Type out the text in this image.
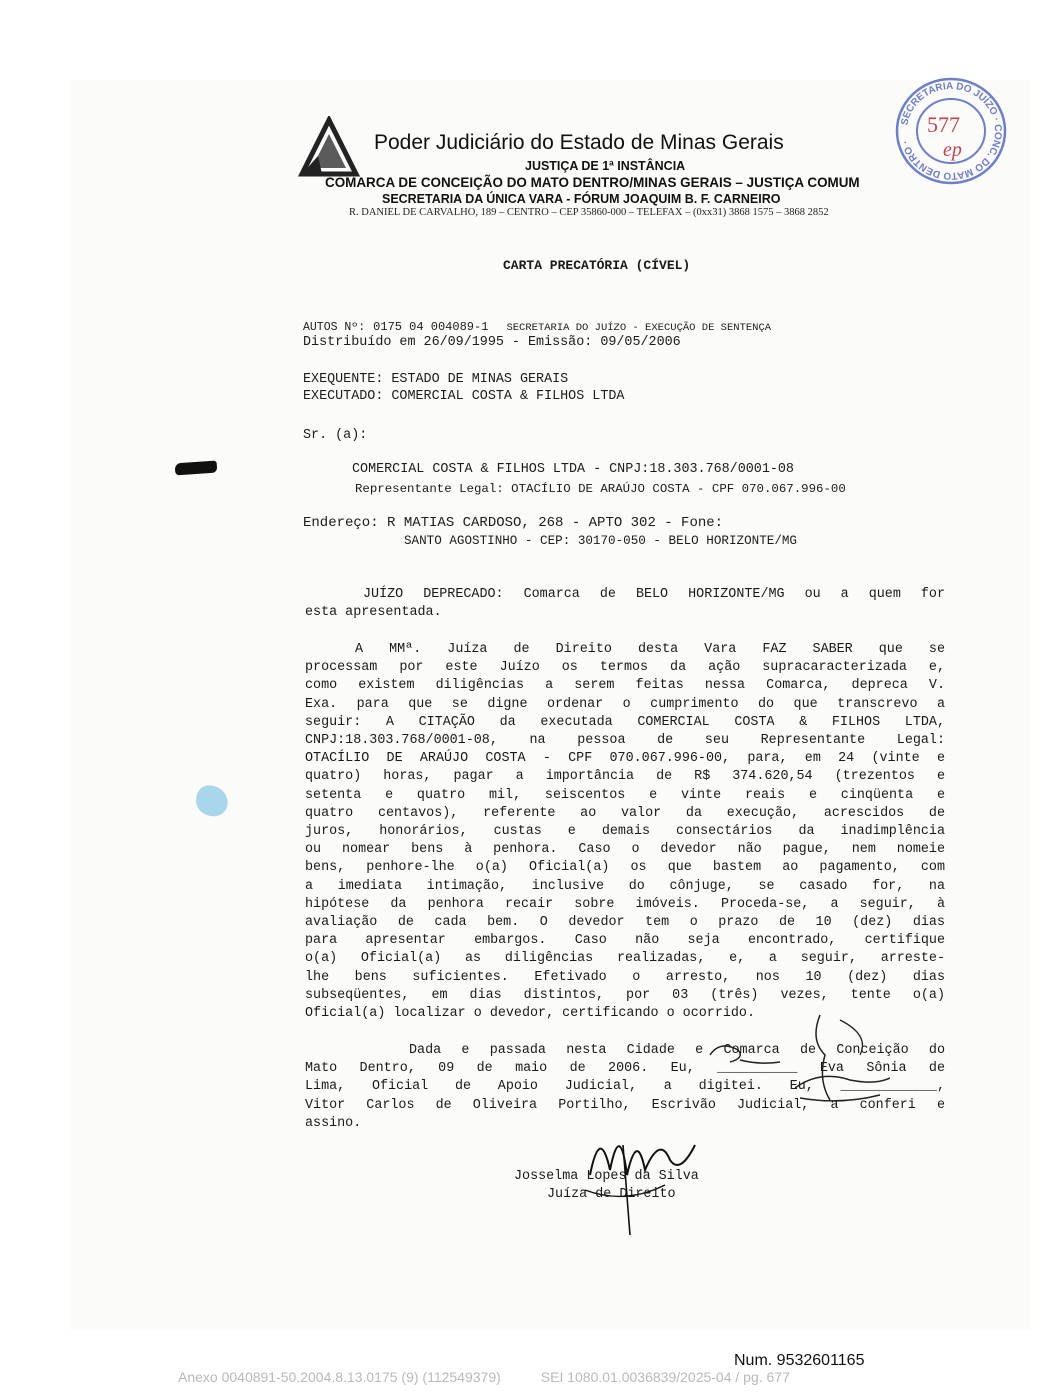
Poder Judiciário do Estado de Minas Gerais
JUSTIÇA DE 1ª INSTÂNCIA
COMARCA DE CONCEIÇÃO DO MATO DENTRO/MINAS GERAIS – JUSTIÇA COMUM
SECRETARIA DA ÚNICA VARA - FÓRUM JOAQUIM B. F. CARNEIRO
R. DANIEL DE CARVALHO, 189 – CENTRO – CEP 35860-000 – TELEFAX – (0xx31) 3868 1575 – 3868 2852
SECRETARIA DO JUÍZO · CONC. DO MATO DENTRO ·
577
ep
CARTA PRECATÓRIA (CÍVEL)
AUTOS Nº: 0175 04 004089-1 SECRETARIA DO JUÍZO - EXECUÇÃO DE SENTENÇA
Distribuído em 26/09/1995 - Emissão: 09/05/2006
EXEQUENTE: ESTADO DE MINAS GERAIS
EXECUTADO: COMERCIAL COSTA & FILHOS LTDA
Sr. (a):
COMERCIAL COSTA & FILHOS LTDA - CNPJ:18.303.768/0001-08
Representante Legal: OTACÍLIO DE ARAÚJO COSTA - CPF 070.067.996-00
Endereço: R MATIAS CARDOSO, 268 - APTO 302 - Fone:
SANTO AGOSTINHO - CEP: 30170-050 - BELO HORIZONTE/MG
JUÍZO DEPRECADO: Comarca de BELO HORIZONTE/MG ou a quem for
esta apresentada.
A MMª. Juíza de Direito desta Vara FAZ SABER que se
processam por este Juízo os termos da ação supracaracterizada e,
como existem diligências a serem feitas nessa Comarca, depreca V.
Exa. para que se digne ordenar o cumprimento do que transcrevo a
seguir: A CITAÇÃO da executada COMERCIAL COSTA & FILHOS LTDA,
CNPJ:18.303.768/0001-08, na pessoa de seu Representante Legal:
OTACÍLIO DE ARAÚJO COSTA - CPF 070.067.996-00, para, em 24 (vinte e
quatro) horas, pagar a importância de R$ 374.620,54 (trezentos e
setenta e quatro mil, seiscentos e vinte reais e cinqüenta e
quatro centavos), referente ao valor da execução, acrescidos de
juros, honorários, custas e demais consectários da inadimplência
ou nomear bens à penhora. Caso o devedor não pague, nem nomeie
bens, penhore-lhe o(a) Oficial(a) os que bastem ao pagamento, com
a imediata intimação, inclusive do cônjuge, se casado for, na
hipótese da penhora recair sobre imóveis. Proceda-se, a seguir, à
avaliação de cada bem. O devedor tem o prazo de 10 (dez) dias
para apresentar embargos. Caso não seja encontrado, certifique
o(a) Oficial(a) as diligências realizadas, e, a seguir, arreste-
lhe bens suficientes. Efetivado o arresto, nos 10 (dez) dias
subseqüentes, em dias distintos, por 03 (três) vezes, tente o(a)
Oficial(a) localizar o devedor, certificando o ocorrido.
Dada e passada nesta Cidade e Comarca de Conceição do
Mato Dentro, 09 de maio de 2006. Eu, __________ Eva Sônia de
Lima, Oficial de Apoio Judicial, a digitei. Eu, ____________,
Vitor Carlos de Oliveira Portilho, Escrivão Judicial, a conferi e
assino.
Josselma Lopes da Silva
Juíza de Direito
Num. 9532601165
Anexo 0040891-50.2004.8.13.0175 (9) (112549379)	SEI 1080.01.0036839/2025-04 / pg. 677
